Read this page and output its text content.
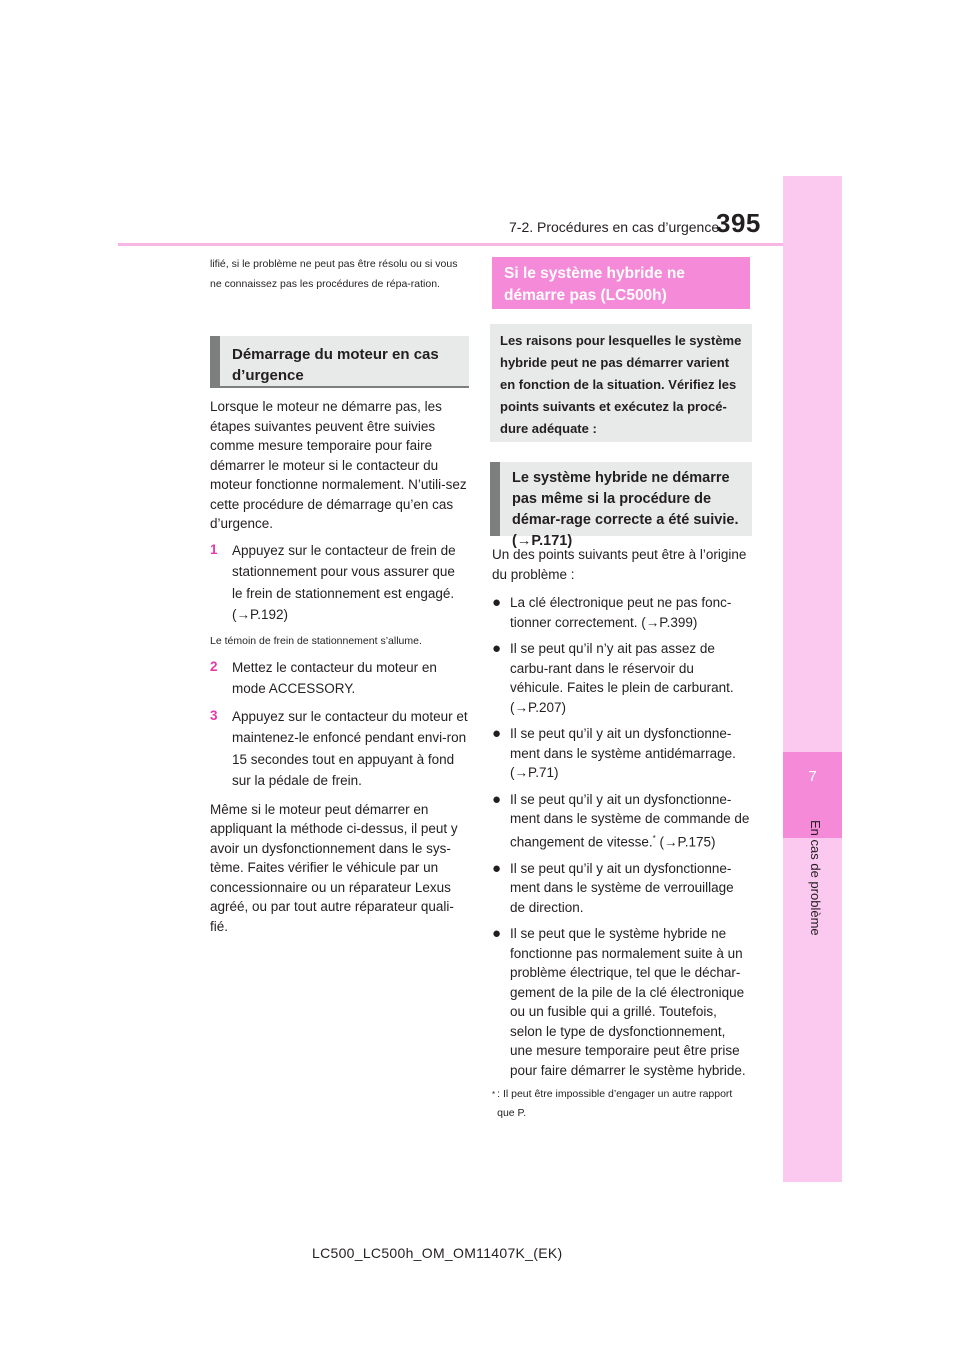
395
7-2. Procédures en cas d’urgence
7
En cas de problème
lifié, si le problème ne peut pas être résolu ou si vous ne connaissez pas les procédures de répa-ration.
Démarrage du moteur en cas d’urgence
Lorsque le moteur ne démarre pas, les étapes suivantes peuvent être suivies comme mesure temporaire pour faire démarrer le moteur si le contacteur du moteur fonctionne normalement. N’utili-sez cette procédure de démarrage qu’en cas d’urgence.
1	Appuyez sur le contacteur de frein de stationnement pour vous assurer que le frein de stationnement est engagé. (→P.192)
Le témoin de frein de stationnement s’allume.
2	Mettez le contacteur du moteur en mode ACCESSORY.
3	Appuyez sur le contacteur du moteur et maintenez-le enfoncé pendant envi-ron 15 secondes tout en appuyant à fond sur la pédale de frein.
Même si le moteur peut démarrer en appliquant la méthode ci-dessus, il peut y avoir un dysfonctionnement dans le sys-tème. Faites vérifier le véhicule par un concessionnaire ou un réparateur Lexus agréé, ou par tout autre réparateur quali-fié.
Si le système hybride ne démarre pas (LC500h)
Les raisons pour lesquelles le système hybride peut ne pas démarrer varient en fonction de la situation. Vérifiez les points suivants et exécutez la procé-dure adéquate :
Le système hybride ne démarre pas même si la procédure de démar-rage correcte a été suivie. (→P.171)
Un des points suivants peut être à l’origine du problème :
● La clé électronique peut ne pas fonc-tionner correctement. (→P.399)
● Il se peut qu’il n’y ait pas assez de carbu-rant dans le réservoir du véhicule. Faites le plein de carburant. (→P.207)
● Il se peut qu’il y ait un dysfonctionne-ment dans le système antidémarrage. (→P.71)
● Il se peut qu’il y ait un dysfonctionne-ment dans le système de commande de changement de vitesse.* (→P.175)
● Il se peut qu’il y ait un dysfonctionne-ment dans le système de verrouillage de direction.
● Il se peut que le système hybride ne fonctionne pas normalement suite à un problème électrique, tel que le déchar-gement de la pile de la clé électronique ou un fusible qui a grillé. Toutefois, selon le type de dysfonctionnement, une mesure temporaire peut être prise pour faire démarrer le système hybride.
* : Il peut être impossible d’engager un autre rapport que P.
LC500_LC500h_OM_OM11407K_(EK)
